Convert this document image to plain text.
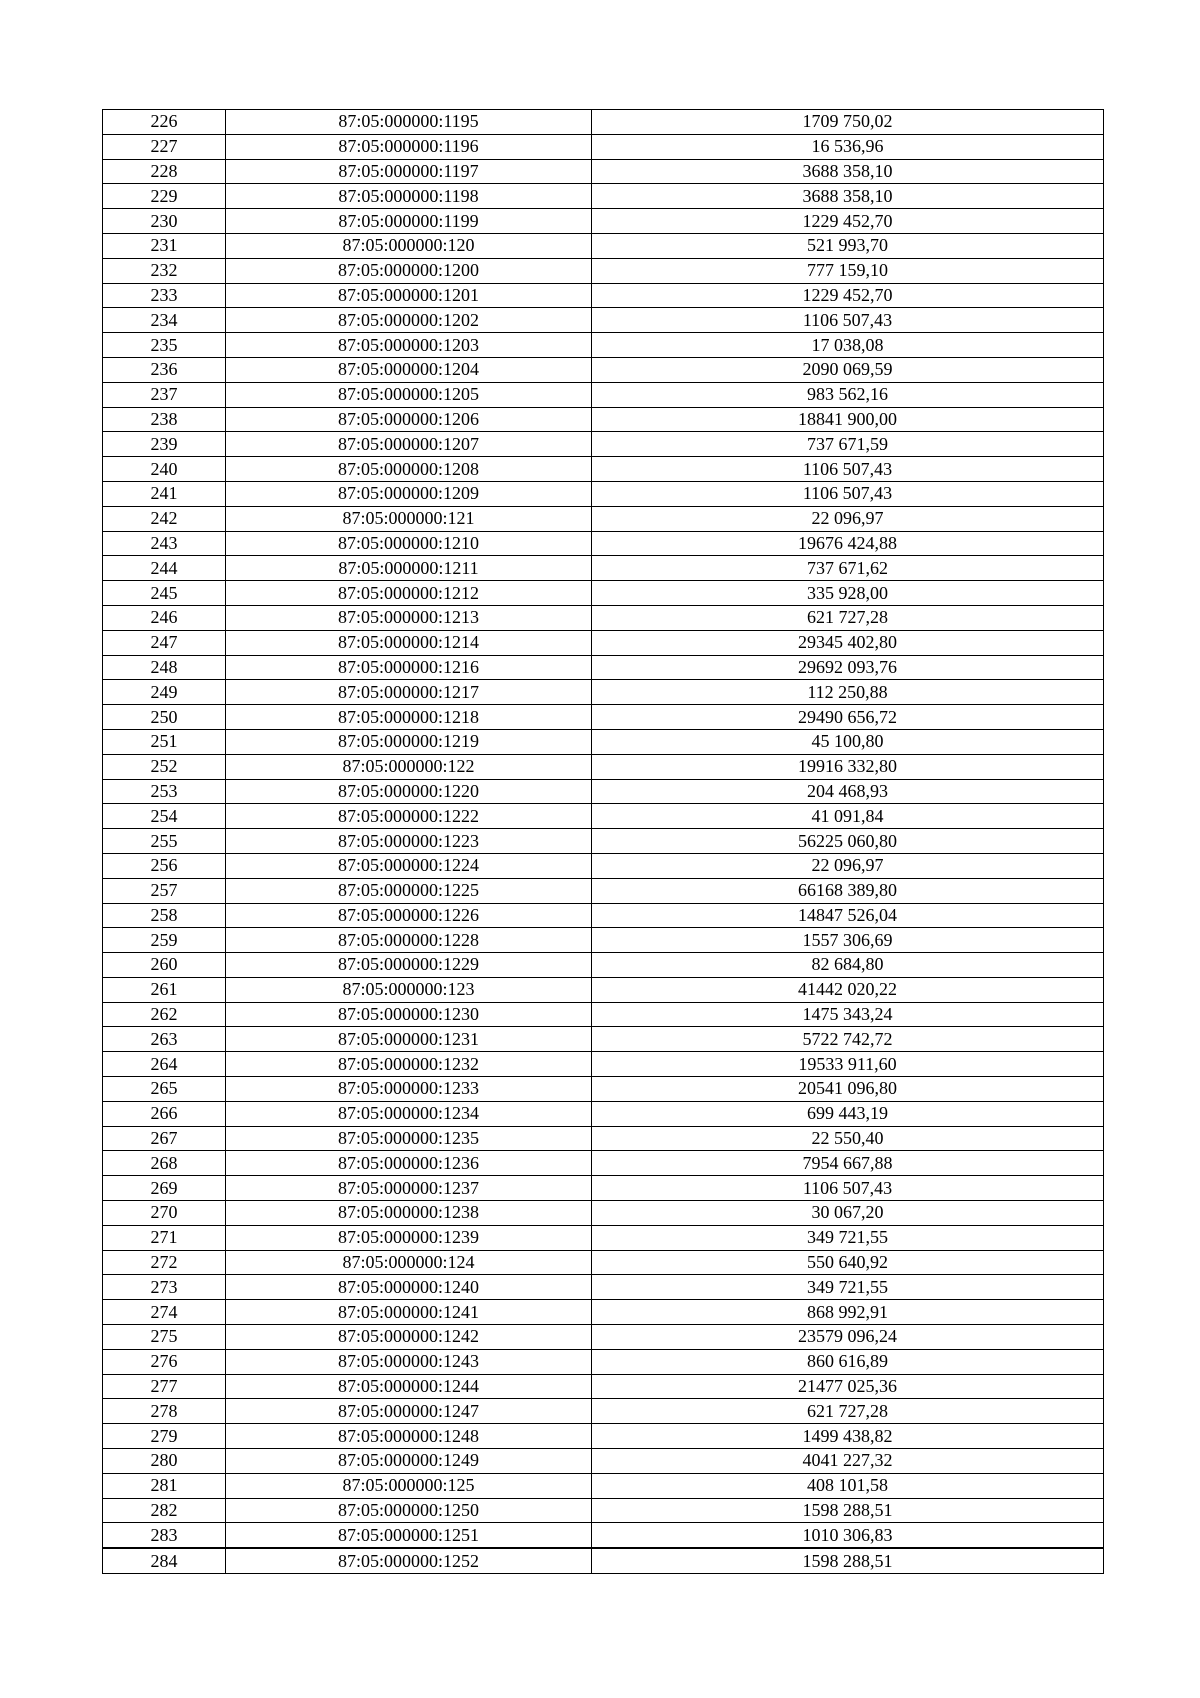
226	87:05:000000:1195	1709 750,02
227	87:05:000000:1196	16 536,96
228	87:05:000000:1197	3688 358,10
229	87:05:000000:1198	3688 358,10
230	87:05:000000:1199	1229 452,70
231	87:05:000000:120	521 993,70
232	87:05:000000:1200	777 159,10
233	87:05:000000:1201	1229 452,70
234	87:05:000000:1202	1106 507,43
235	87:05:000000:1203	17 038,08
236	87:05:000000:1204	2090 069,59
237	87:05:000000:1205	983 562,16
238	87:05:000000:1206	18841 900,00
239	87:05:000000:1207	737 671,59
240	87:05:000000:1208	1106 507,43
241	87:05:000000:1209	1106 507,43
242	87:05:000000:121	22 096,97
243	87:05:000000:1210	19676 424,88
244	87:05:000000:1211	737 671,62
245	87:05:000000:1212	335 928,00
246	87:05:000000:1213	621 727,28
247	87:05:000000:1214	29345 402,80
248	87:05:000000:1216	29692 093,76
249	87:05:000000:1217	112 250,88
250	87:05:000000:1218	29490 656,72
251	87:05:000000:1219	45 100,80
252	87:05:000000:122	19916 332,80
253	87:05:000000:1220	204 468,93
254	87:05:000000:1222	41 091,84
255	87:05:000000:1223	56225 060,80
256	87:05:000000:1224	22 096,97
257	87:05:000000:1225	66168 389,80
258	87:05:000000:1226	14847 526,04
259	87:05:000000:1228	1557 306,69
260	87:05:000000:1229	82 684,80
261	87:05:000000:123	41442 020,22
262	87:05:000000:1230	1475 343,24
263	87:05:000000:1231	5722 742,72
264	87:05:000000:1232	19533 911,60
265	87:05:000000:1233	20541 096,80
266	87:05:000000:1234	699 443,19
267	87:05:000000:1235	22 550,40
268	87:05:000000:1236	7954 667,88
269	87:05:000000:1237	1106 507,43
270	87:05:000000:1238	30 067,20
271	87:05:000000:1239	349 721,55
272	87:05:000000:124	550 640,92
273	87:05:000000:1240	349 721,55
274	87:05:000000:1241	868 992,91
275	87:05:000000:1242	23579 096,24
276	87:05:000000:1243	860 616,89
277	87:05:000000:1244	21477 025,36
278	87:05:000000:1247	621 727,28
279	87:05:000000:1248	1499 438,82
280	87:05:000000:1249	4041 227,32
281	87:05:000000:125	408 101,58
282	87:05:000000:1250	1598 288,51
283	87:05:000000:1251	1010 306,83
284	87:05:000000:1252	1598 288,51
